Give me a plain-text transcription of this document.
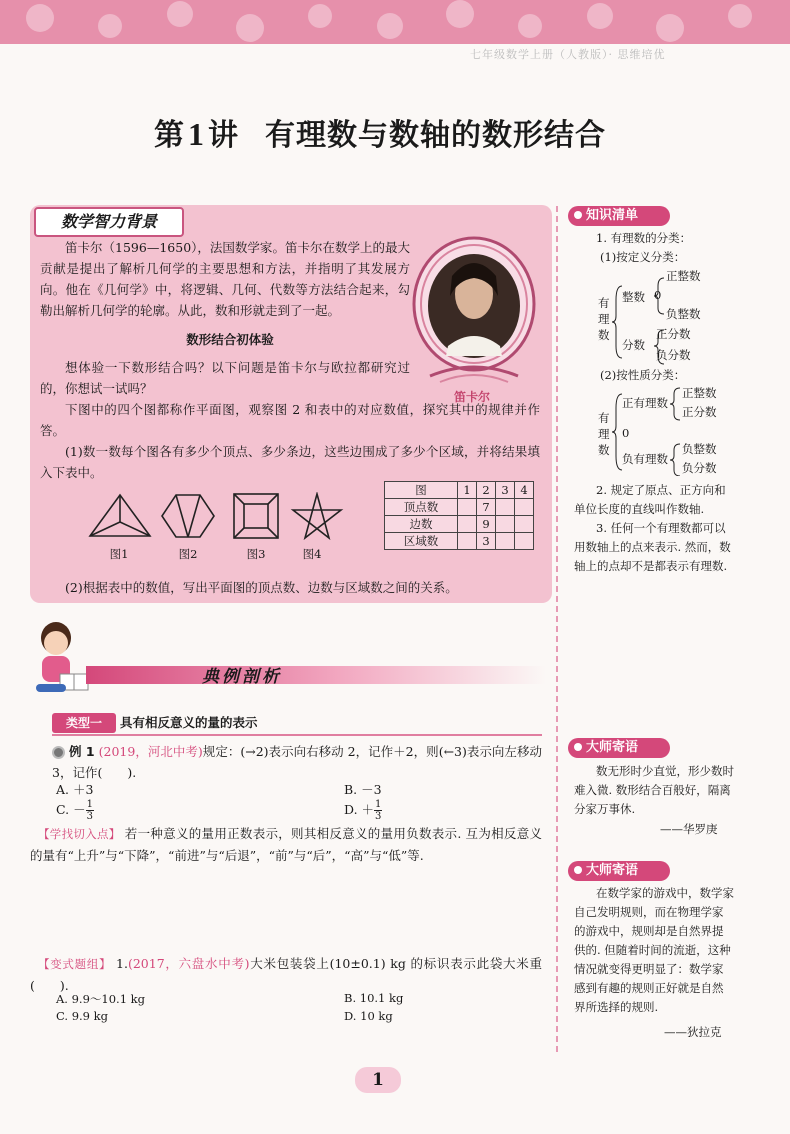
七年级数学上册（人教版）· 思维培优
第1 讲 有理数与数轴的数形结合
数学智力背景
笛卡尔（1596—1650），法国数学家。笛卡尔在数学上的最大贡献是提出了解析几何学的主要思想和方法，并指明了其发展方向。他在《几何学》中，将逻辑、几何、代数等方法结合起来，勾勒出解析几何学的轮廓。从此，数和形就走到了一起。
笛卡尔
数形结合初体验
想体验一下数形结合吗？以下问题是笛卡尔与欧拉都研究过的，你想试一试吗？
下图中的四个图都称作平面图，观察图 2 和表中的对应数值，探究其中的规律并作答。
(1)数一数每个图各有多少个顶点、多少条边，这些边围成了多少个区域，并将结果填入下表中。
图1	图2	图3	图4
图	1	2	3	4
顶点数		7		
边数		9		
区域数		3		
(2)根据表中的数值，写出平面图的顶点数、边数与区域数之间的关系。
典例剖析
类型一	具有相反意义的量的表示
例 1 (2019，河北中考)规定：(→2)表示向右移动 2，记作＋2，则(←3)表示向左移动 3，记作(　　).
A. ＋3	B. －3
C. － $\frac{1}{3}$	D. ＋ $\frac{1}{3}$
【学找切入点】 若一种意义的量用正数表示，则其相反意义的量用负数表示. 互为相反意义的量有“上升”与“下降”，“前进”与“后退”，“前”与“后”，“高”与“低”等.
【变式题组】 1.(2017，六盘水中考)大米包装袋上(10±0.1) kg 的标识表示此袋大米重(　　).
A. 9.9～10.1 kg	B. 10.1 kg
C. 9.9 kg	D. 10 kg
知识清单
1. 有理数的分类：
(1)按定义分类：
有理数
整数
正整数
0
负整数
分数
正分数
负分数
(2)按性质分类：
有理数
正有理数
正整数
正分数
0
负有理数
负整数
负分数
2. 规定了原点、正方向和单位长度的直线叫作数轴.
3. 任何一个有理数都可以用数轴上的点来表示. 然而，数轴上的点却不是都表示有理数.
大师寄语
数无形时少直觉，形少数时难入微. 数形结合百般好，隔离分家万事休.
——华罗庚
大师寄语
在数学家的游戏中，数学家自己发明规则，而在物理学家的游戏中，规则却是自然界提供的. 但随着时间的流逝，这种情况就变得更明显了：数学家感到有趣的规则正好就是自然界所选择的规则.
——狄拉克
1
